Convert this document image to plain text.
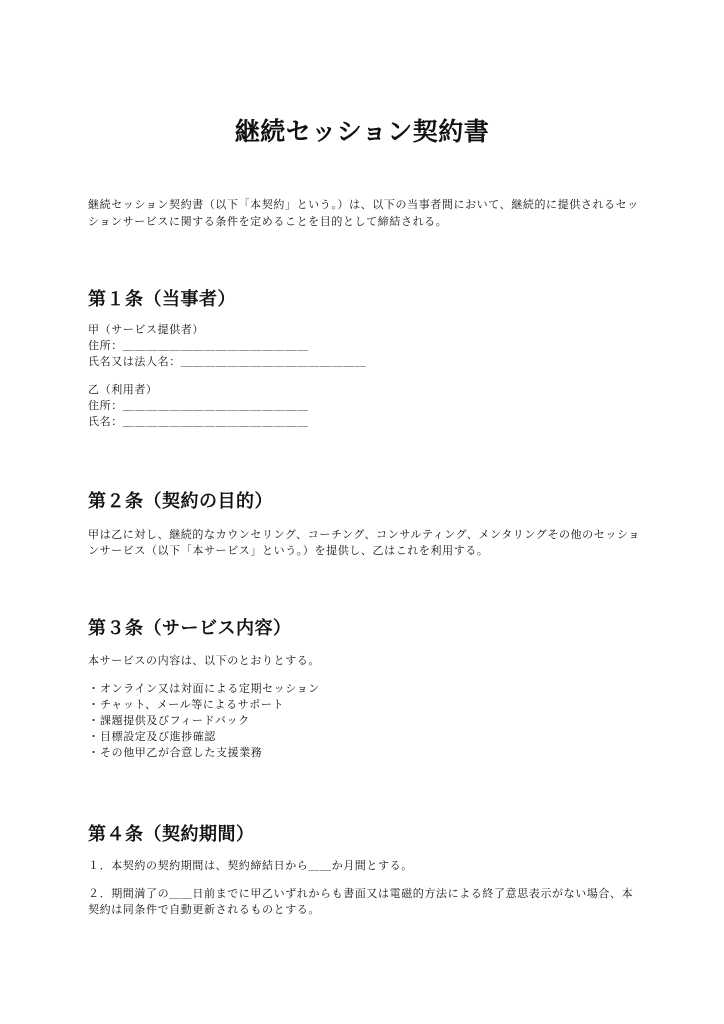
継続セッション契約書
継続セッション契約書（以下「本契約」という。）は、以下の当事者間において、継続的に提供されるセッションサービスに関する条件を定めることを目的として締結される。
第１条（当事者）
甲（サービス提供者）
住所：＿＿＿＿＿＿＿＿＿＿＿＿＿＿＿＿
氏名又は法人名：＿＿＿＿＿＿＿＿＿＿＿＿＿＿＿＿
乙（利用者）
住所：＿＿＿＿＿＿＿＿＿＿＿＿＿＿＿＿
氏名：＿＿＿＿＿＿＿＿＿＿＿＿＿＿＿＿
第２条（契約の目的）
甲は乙に対し、継続的なカウンセリング、コーチング、コンサルティング、メンタリングその他のセッションサービス（以下「本サービス」という。）を提供し、乙はこれを利用する。
第３条（サービス内容）
本サービスの内容は、以下のとおりとする。
・ オンライン又は対面による定期セッション
・ チャット、メール等によるサポート
・ 課題提供及びフィードバック
・ 目標設定及び進捗確認
・ その他甲乙が合意した支援業務
第４条（契約期間）
１．本契約の契約期間は、契約締結日から＿＿か月間とする。
２．期間満了の＿＿日前までに甲乙いずれからも書面又は電磁的方法による終了意思表示がない場合、本契約は同条件で自動更新されるものとする。
